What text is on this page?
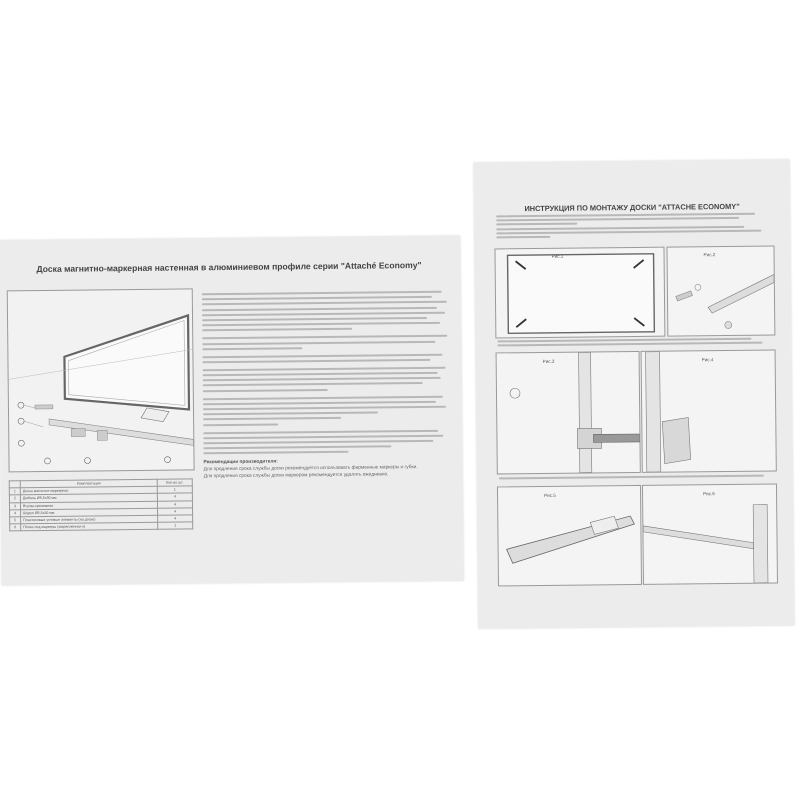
Доска магнитно-маркерная настенная в алюминиевом профиле серии "Attaché Economy"
Рекомендации производителя:
Для продления срока службы доски рекомендуется использовать фирменные маркеры и губки.
Для продления срока службы доски маркером рекомендуется удалять ежедневно.
	Комплектация	Кол-во шт.
1	Доска магнитно-маркерная	1
2	Дюбель Ø5,5х30 мм	4
3	Втулка крепежная	4
4	Шуруп Ø5,5х30 мм	4
5	Пластиковые угловые элементы (на доске)	4
6	Полка под маркеры (закрепленная к)	1
ИНСТРУКЦИЯ ПО МОНТАЖУ ДОСКИ "ATTACHE ECONOMY"
Рис.1	Рис.2
Рис.3	Рис.4
Рис.5	Рис.6
